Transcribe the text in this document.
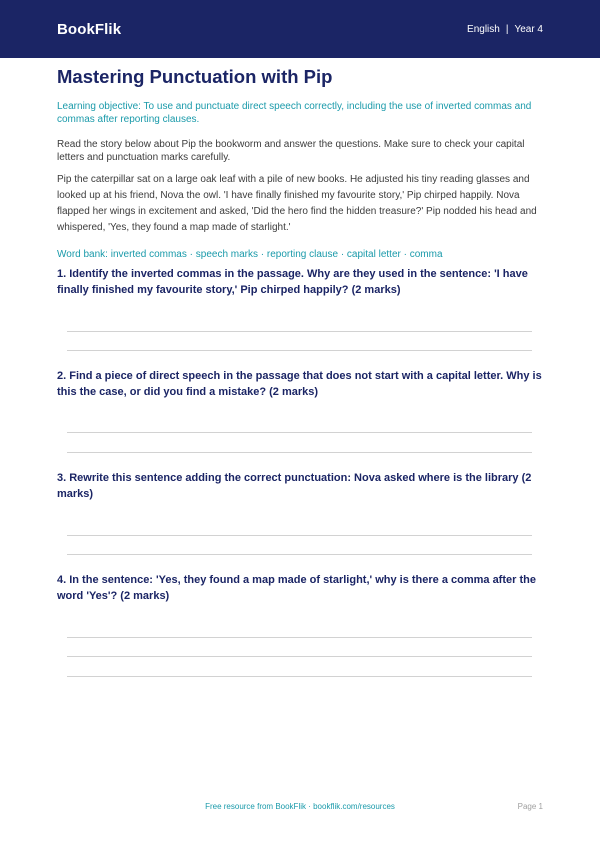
BookFlik	English | Year 4
Mastering Punctuation with Pip

Learning objective: To use and punctuate direct speech correctly, including the use of inverted commas and commas after reporting clauses.

Read the story below about Pip the bookworm and answer the questions. Make sure to check your capital letters and punctuation marks carefully.

Pip the caterpillar sat on a large oak leaf with a pile of new books. He adjusted his tiny reading glasses and looked up at his friend, Nova the owl. 'I have finally finished my favourite story,' Pip chirped happily. Nova flapped her wings in excitement and asked, 'Did the hero find the hidden treasure?' Pip nodded his head and whispered, 'Yes, they found a map made of starlight.'

Word bank: inverted commas · speech marks · reporting clause · capital letter · comma

1. Identify the inverted commas in the passage. Why are they used in the sentence: 'I have finally finished my favourite story,' Pip chirped happily? (2 marks)

2. Find a piece of direct speech in the passage that does not start with a capital letter. Why is this the case, or did you find a mistake? (2 marks)

3. Rewrite this sentence adding the correct punctuation: Nova asked where is the library (2 marks)

4. In the sentence: 'Yes, they found a map made of starlight,' why is there a comma after the word 'Yes'? (2 marks)

Free resource from BookFlik · bookflik.com/resources	Page 1
